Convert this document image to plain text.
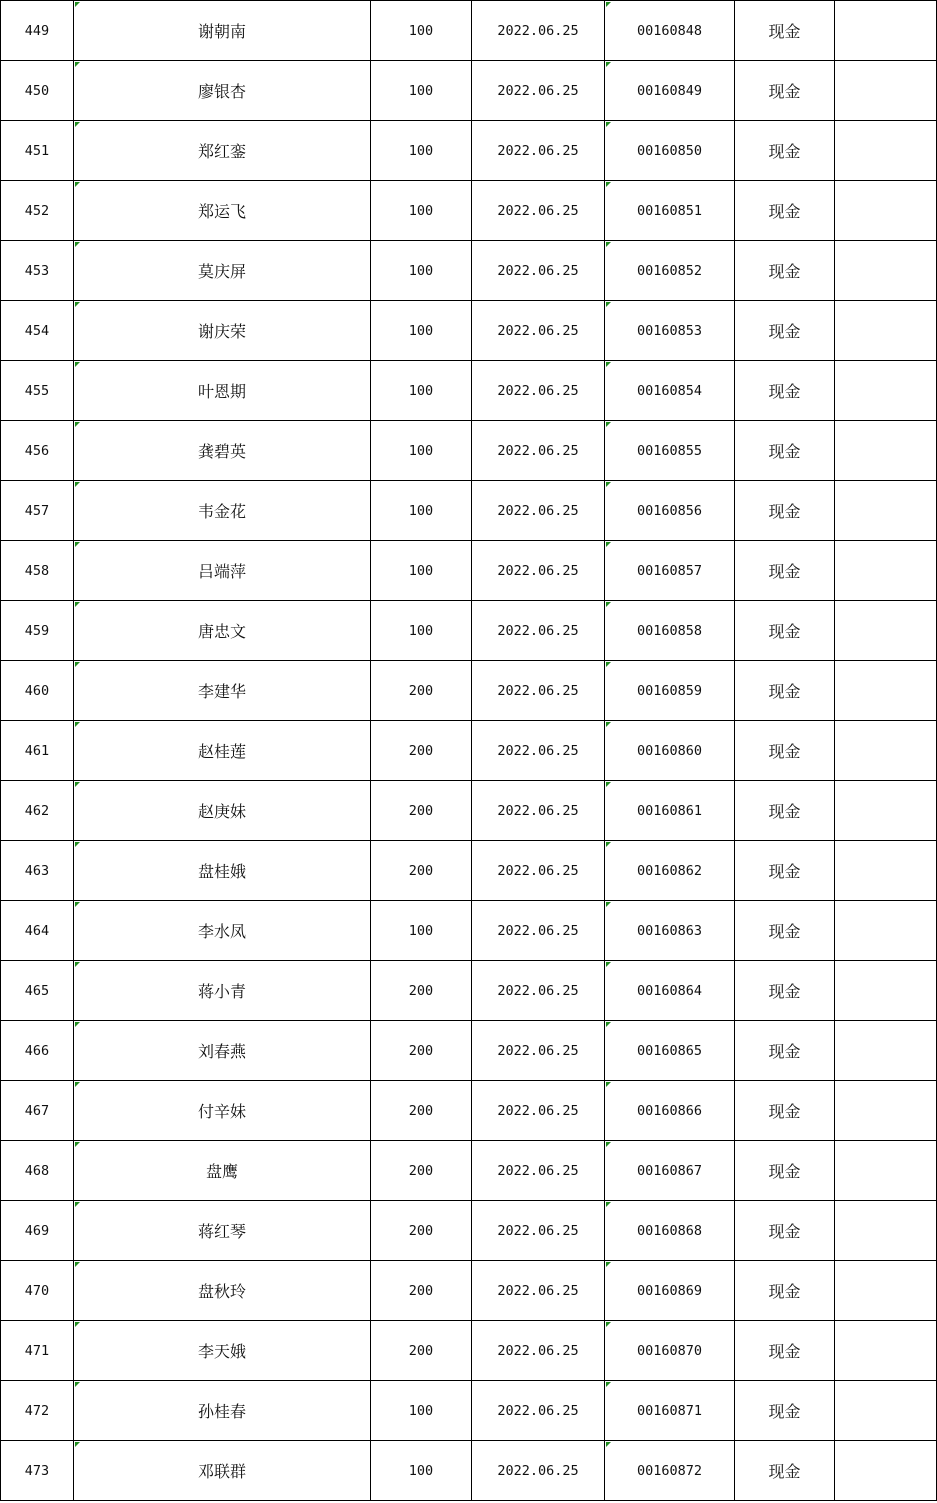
449	谢朝南	100	2022.06.25	00160848	现金	
450	廖银杏	100	2022.06.25	00160849	现金	
451	郑红銮	100	2022.06.25	00160850	现金	
452	郑运飞	100	2022.06.25	00160851	现金	
453	莫庆屏	100	2022.06.25	00160852	现金	
454	谢庆荣	100	2022.06.25	00160853	现金	
455	叶恩期	100	2022.06.25	00160854	现金	
456	龚碧英	100	2022.06.25	00160855	现金	
457	韦金花	100	2022.06.25	00160856	现金	
458	吕端萍	100	2022.06.25	00160857	现金	
459	唐忠文	100	2022.06.25	00160858	现金	
460	李建华	200	2022.06.25	00160859	现金	
461	赵桂莲	200	2022.06.25	00160860	现金	
462	赵庚妹	200	2022.06.25	00160861	现金	
463	盘桂娥	200	2022.06.25	00160862	现金	
464	李水凤	100	2022.06.25	00160863	现金	
465	蒋小青	200	2022.06.25	00160864	现金	
466	刘春燕	200	2022.06.25	00160865	现金	
467	付辛妹	200	2022.06.25	00160866	现金	
468	盘鹰	200	2022.06.25	00160867	现金	
469	蒋红琴	200	2022.06.25	00160868	现金	
470	盘秋玲	200	2022.06.25	00160869	现金	
471	李天娥	200	2022.06.25	00160870	现金	
472	孙桂春	100	2022.06.25	00160871	现金	
473	邓联群	100	2022.06.25	00160872	现金	
